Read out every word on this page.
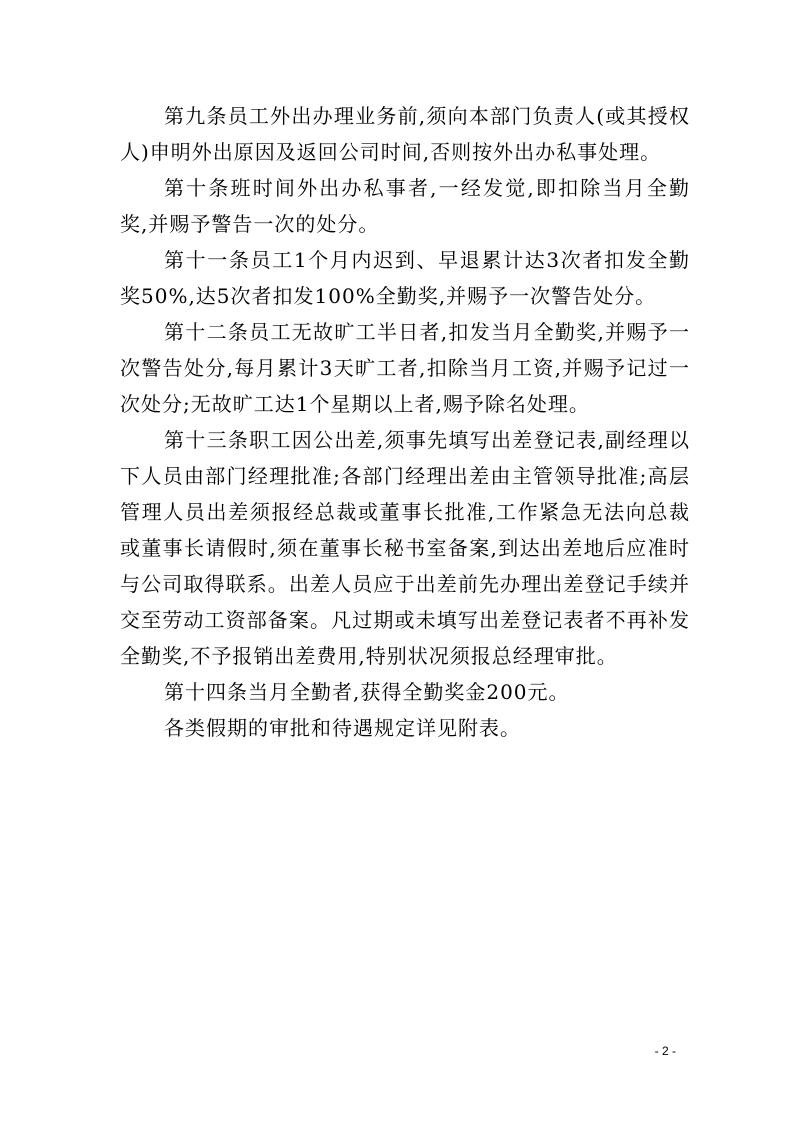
第九条员工外出办理业务前,须向本部门负责人(或其授权人)申明外出原因及返回公司时间,否则按外出办私事处理。

第十条班时间外出办私事者,一经发觉,即扣除当月全勤奖,并赐予警告一次的处分。

第十一条员工1个月内迟到、早退累计达3次者扣发全勤奖50%,达5次者扣发100%全勤奖,并赐予一次警告处分。

第十二条员工无故旷工半日者,扣发当月全勤奖,并赐予一次警告处分,每月累计3天旷工者,扣除当月工资,并赐予记过一次处分;无故旷工达1个星期以上者,赐予除名处理。

第十三条职工因公出差,须事先填写出差登记表,副经理以下人员由部门经理批准;各部门经理出差由主管领导批准;高层管理人员出差须报经总裁或董事长批准,工作紧急无法向总裁或董事长请假时,须在董事长秘书室备案,到达出差地后应准时与公司取得联系。出差人员应于出差前先办理出差登记手续并交至劳动工资部备案。凡过期或未填写出差登记表者不再补发全勤奖,不予报销出差费用,特别状况须报总经理审批。

第十四条当月全勤者,获得全勤奖金200元。

各类假期的审批和待遇规定详见附表。

- 2 -
